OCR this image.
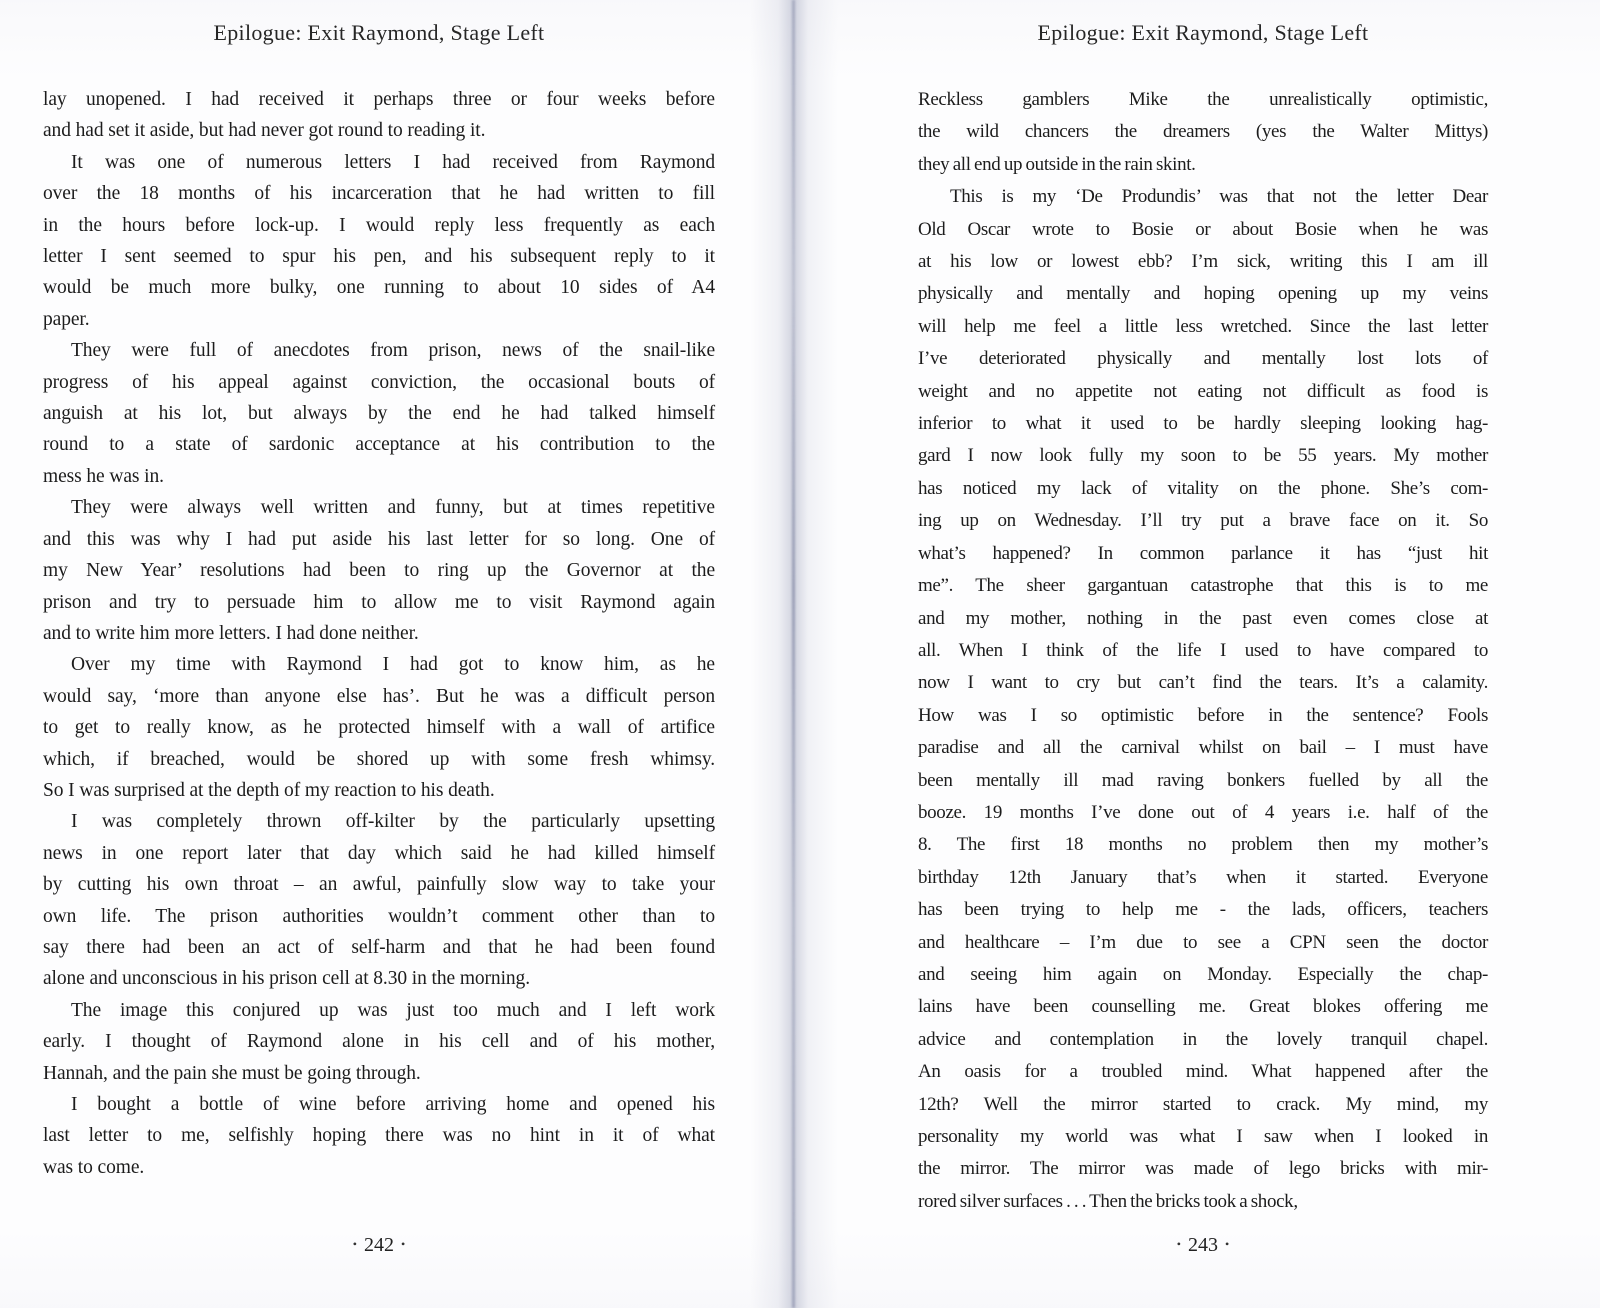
Epilogue: Exit Raymond, Stage Left
lay unopened. I had received it perhaps three or four weeks before
and had set it aside, but had never got round to reading it.
It was one of numerous letters I had received from Raymond
over the 18 months of his incarceration that he had written to fill
in the hours before lock-up. I would reply less frequently as each
letter I sent seemed to spur his pen, and his subsequent reply to it
would be much more bulky, one running to about 10 sides of A4
paper.
They were full of anecdotes from prison, news of the snail-like
progress of his appeal against conviction, the occasional bouts of
anguish at his lot, but always by the end he had talked himself
round to a state of sardonic acceptance at his contribution to the
mess he was in.
They were always well written and funny, but at times repetitive
and this was why I had put aside his last letter for so long. One of
my New Year’ resolutions had been to ring up the Governor at the
prison and try to persuade him to allow me to visit Raymond again
and to write him more letters. I had done neither.
Over my time with Raymond I had got to know him, as he
would say, ‘more than anyone else has’. But he was a difficult person
to get to really know, as he protected himself with a wall of artifice
which, if breached, would be shored up with some fresh whimsy.
So I was surprised at the depth of my reaction to his death.
I was completely thrown off-kilter by the particularly upsetting
news in one report later that day which said he had killed himself
by cutting his own throat – an awful, painfully slow way to take your
own life. The prison authorities wouldn’t comment other than to
say there had been an act of self-harm and that he had been found
alone and unconscious in his prison cell at 8.30 in the morning.
The image this conjured up was just too much and I left work
early. I thought of Raymond alone in his cell and of his mother,
Hannah, and the pain she must be going through.
I bought a bottle of wine before arriving home and opened his
last letter to me, selfishly hoping there was no hint in it of what
was to come.
• 242 •
Epilogue: Exit Raymond, Stage Left
Reckless gamblers Mike the unrealistically optimistic,
the wild chancers the dreamers (yes the Walter Mittys)
they all end up outside in the rain skint.
This is my ‘De Produndis’ was that not the letter Dear
Old Oscar wrote to Bosie or about Bosie when he was
at his low or lowest ebb? I’m sick, writing this I am ill
physically and mentally and hoping opening up my veins
will help me feel a little less wretched. Since the last letter
I’ve deteriorated physically and mentally lost lots of
weight and no appetite not eating not difficult as food is
inferior to what it used to be hardly sleeping looking hag-
gard I now look fully my soon to be 55 years. My mother
has noticed my lack of vitality on the phone. She’s com-
ing up on Wednesday. I’ll try put a brave face on it. So
what’s happened? In common parlance it has “just hit
me”. The sheer gargantuan catastrophe that this is to me
and my mother, nothing in the past even comes close at
all. When I think of the life I used to have compared to
now I want to cry but can’t find the tears. It’s a calamity.
How was I so optimistic before in the sentence? Fools
paradise and all the carnival whilst on bail – I must have
been mentally ill mad raving bonkers fuelled by all the
booze. 19 months I’ve done out of 4 years i.e. half of the
8. The first 18 months no problem then my mother’s
birthday 12th January that’s when it started. Everyone
has been trying to help me - the lads, officers, teachers
and healthcare – I’m due to see a CPN seen the doctor
and seeing him again on Monday. Especially the chap-
lains have been counselling me. Great blokes offering me
advice and contemplation in the lovely tranquil chapel.
An oasis for a troubled mind. What happened after the
12th? Well the mirror started to crack. My mind, my
personality my world was what I saw when I looked in
the mirror. The mirror was made of lego bricks with mir-
rored silver surfaces . . . Then the bricks took a shock,
• 243 •
